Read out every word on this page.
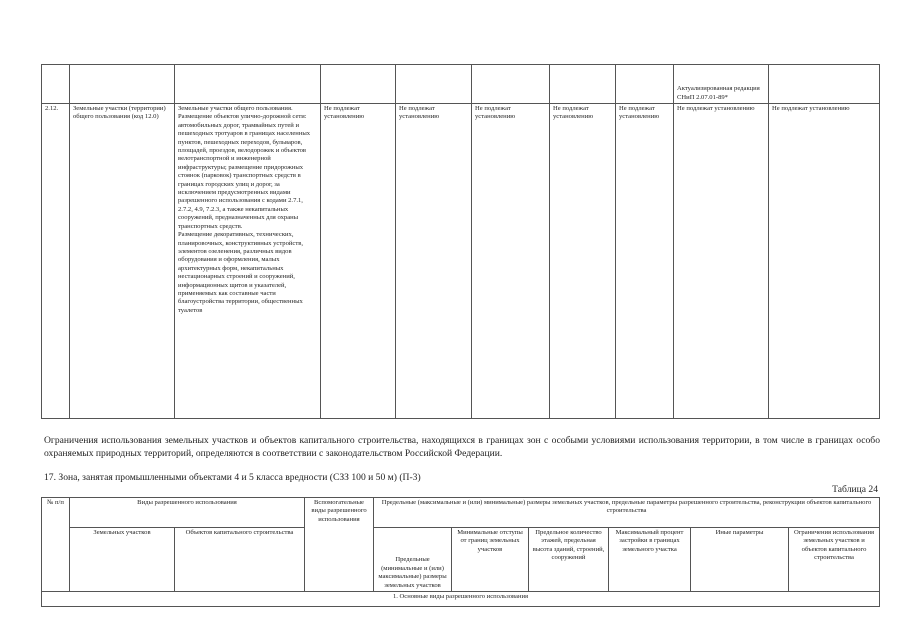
								Актуализированная редакция СНиП 2.07.01-89*	
2.12.	Земельные участки (территории) общего пользования (код 12.0)	Земельные участки общего пользования.
Размещение объектов улично-дорожной сети: автомобильных дорог, трамвайных путей и пешеходных тротуаров в границах населенных пунктов, пешеходных переходов, бульваров, площадей, проездов, велодорожек и объектов велотранспортной и инженерной инфраструктуры; размещение придорожных стоянок (парковок) транспортных средств в границах городских улиц и дорог, за исключением предусмотренных видами разрешенного использования с кодами 2.7.1, 2.7.2, 4.9, 7.2.3, а также некапитальных сооружений, предназначенных для охраны транспортных средств.
Размещение декоративных, технических, планировочных, конструктивных устройств, элементов озеленения, различных видов оборудования и оформления, малых архитектурных форм, некапитальных нестационарных строений и сооружений, информационных щитов и указателей, применяемых как составные части благоустройства территории, общественных туалетов	Не подлежат установлению	Не подлежат установлению	Не подлежат установлению	Не подлежат установлению	Не подлежат установлению	Не подлежат установлению	Не подлежат установлению
Ограничения использования земельных участков и объектов капитального строительства, находящихся в границах зон с особыми условиями использования территории, в том числе в границах особо охраняемых природных территорий, определяются в соответствии с законодательством Российской Федерации.
17. Зона, занятая промышленными объектами 4 и 5 класса вредности (СЗЗ 100 и 50 м) (П-3)
Таблица 24
№ п/п	Виды разрешенного использования		Вспомогательные виды разрешенного использования	Предельные (максимальные и (или) минимальные) размеры земельных участков, предельные параметры разрешенного строительства, реконструкции объектов капитального строительства					
	Земельных участков	Объектов капитального строительства		Предельные (минимальные и (или) максимальные) размеры земельных участков	Минимальные отступы от границ земельных участков	Предельное количество этажей, предельная высота зданий, строений, сооружений	Максимальный процент застройки в границах земельного участка	Иные параметры	Ограничения использования земельных участков и объектов капитального строительства
1. Основные виды разрешенного использования									
